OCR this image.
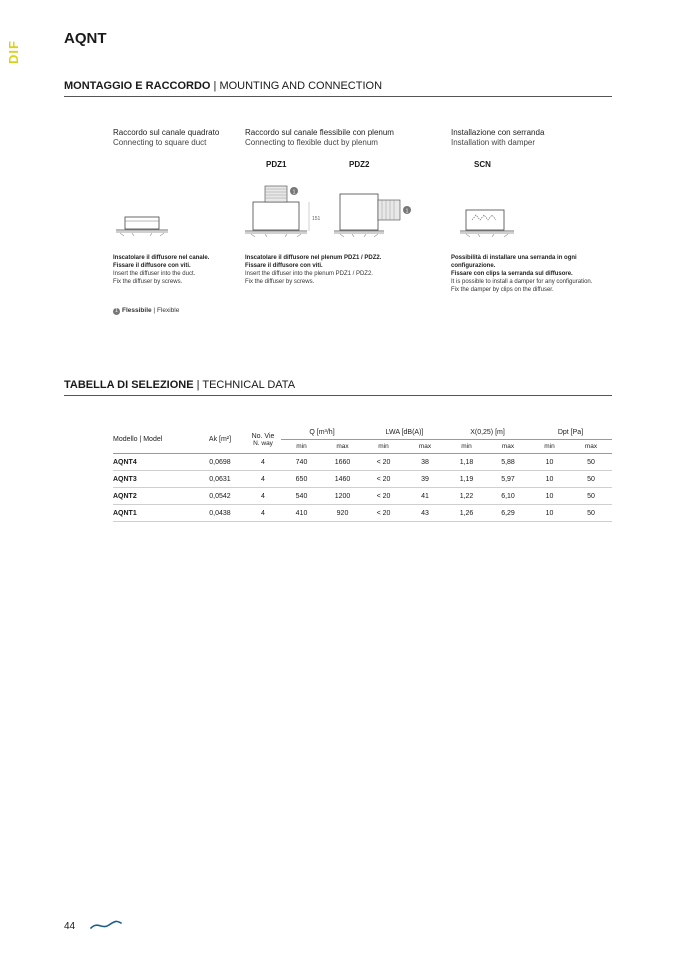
DIF
AQNT
MONTAGGIO E RACCORDO | MOUNTING AND CONNECTION
Raccordo sul canale quadrato
Connecting to square duct
Raccordo sul canale flessibile con plenum
Connecting to flexible duct by plenum
Installazione con serranda
Installation with damper
PDZ1	PDZ2	SCN
1
151
1
Inscatolare il diffusore nel canale.
Fissare il diffusore con viti.
Insert the diffuser into the duct.
Fix the diffuser by screws.
Inscatolare il diffusore nel plenum PDZ1 / PDZ2.
Fissare il diffusore con viti.
Insert the diffuser into the plenum PDZ1 / PDZ2.
Fix the diffuser by screws.
Possibilità di installare una serranda in ogni
configurazione.
Fissare con clips la serranda sul diffusore.
It is possible to install a damper for any configuration.
Fix the damper by clips on the diffuser.
1 Flessibile | Flexible
TABELLA DI SELEZIONE | TECHNICAL DATA
Modello | Model	Ak [m²]	No. Vie
N. way	Q [m³/h]		LWA [dB(A)]		X(0,25) [m]		Dpt [Pa]	
			min	max	min	max	min	max	min	max
AQNT4	0,0698	4	740	1660	< 20	38	1,18	5,88	10	50
AQNT3	0,0631	4	650	1460	< 20	39	1,19	5,97	10	50
AQNT2	0,0542	4	540	1200	< 20	41	1,22	6,10	10	50
AQNT1	0,0438	4	410	920	< 20	43	1,26	6,29	10	50
44
